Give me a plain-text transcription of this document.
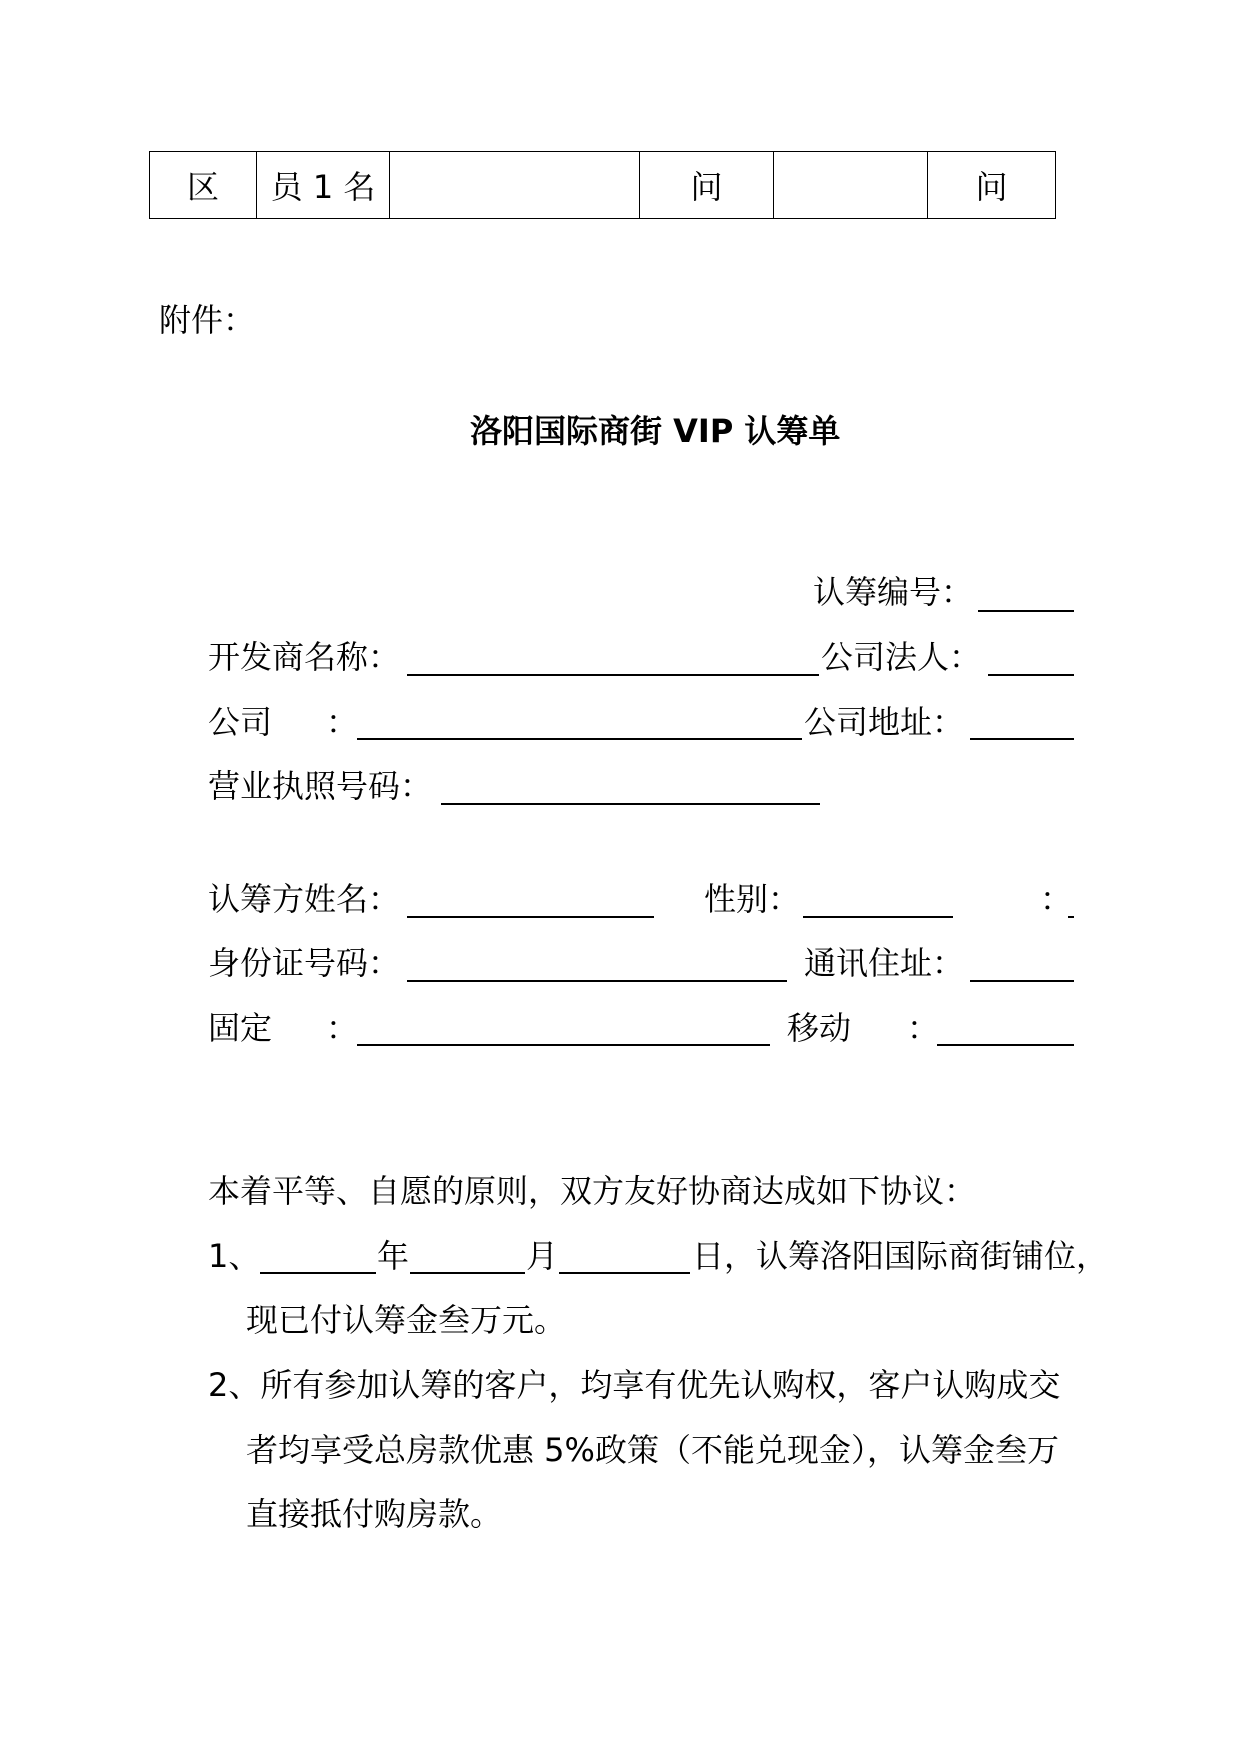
区	员 1 名		问		问
附件：
洛阳国际商街 VIP 认筹单
认筹编号：
开发商名称：	公司法人：
公司 ：	公司地址：
营业执照号码：
认筹方姓名：	性别：	：
身份证号码：	通讯住址：
固定 ：	移动 ：
本着平等、自愿的原则，双方友好协商达成如下协议：
1、	年	月	日，认筹洛阳国际商街铺位，
现已付认筹金叁万元。
2、所有参加认筹的客户，均享有优先认购权，客户认购成交
者均享受总房款优惠 5%政策（不能兑现金），认筹金叁万
直接抵付购房款。
